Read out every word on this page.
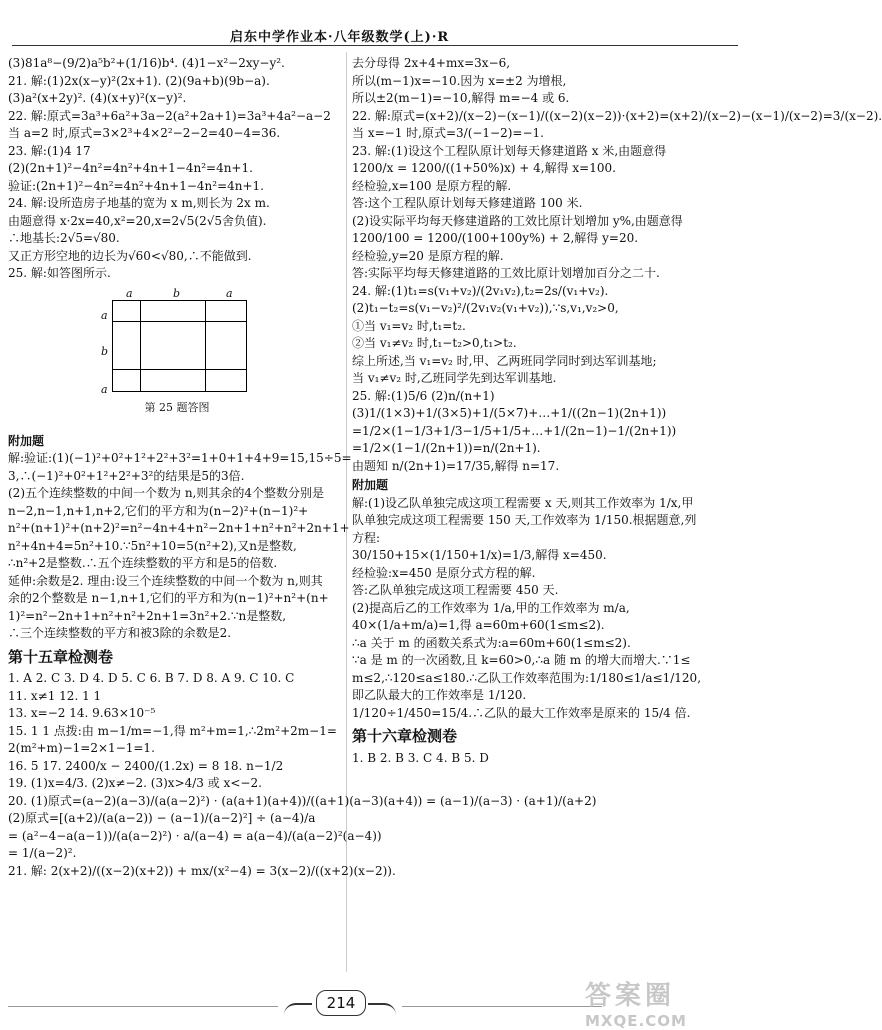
启东中学作业本·八年级数学(上)·R
(3)81a⁸−(9/2)a⁵b²+(1/16)b⁴. (4)1−x²−2xy−y².
21. 解:(1)2x(x−y)²(2x+1). (2)(9a+b)(9b−a).
(3)a²(x+2y)². (4)(x+y)²(x−y)².
22. 解:原式=3a³+6a²+3a−2(a²+2a+1)=3a³+4a²−a−2
当 a=2 时,原式=3×2³+4×2²−2−2=40−4=36.
23. 解:(1)4 17
(2)(2n+1)²−4n²=4n²+4n+1−4n²=4n+1.
验证:(2n+1)²−4n²=4n²+4n+1−4n²=4n+1.
24. 解:设所造房子地基的宽为 x m,则长为 2x m.
由题意得 x·2x=40,x²=20,x=2√5(2√5舍负值).
∴地基长:2√5=√80.
又正方形空地的边长为√60<√80,∴不能做到.
25. 解:如答图所示.
a	b	a
a
b
a
第 25 题答图
附加题
解:验证:(1)(−1)²+0²+1²+2²+3²=1+0+1+4+9=15,15÷5=
3,∴(−1)²+0²+1²+2²+3²的结果是5的3倍.
(2)五个连续整数的中间一个数为 n,则其余的4个整数分别是
n−2,n−1,n+1,n+2,它们的平方和为(n−2)²+(n−1)²+
n²+(n+1)²+(n+2)²=n²−4n+4+n²−2n+1+n²+n²+2n+1+
n²+4n+4=5n²+10.∵5n²+10=5(n²+2),又n是整数,
∴n²+2是整数.∴五个连续整数的平方和是5的倍数.
延伸:余数是2. 理由:设三个连续整数的中间一个数为 n,则其
余的2个整数是 n−1,n+1,它们的平方和为(n−1)²+n²+(n+
1)²=n²−2n+1+n²+n²+2n+1=3n²+2.∵n是整数,
∴三个连续整数的平方和被3除的余数是2.
第十五章检测卷
1. A 2. C 3. D 4. D 5. C 6. B 7. D 8. A 9. C 10. C
11. x≠1 12. 1 1
13. x=−2 14. 9.63×10⁻⁵
15. 1 1 点拨:由 m−1/m=−1,得 m²+m=1,∴2m²+2m−1=
2(m²+m)−1=2×1−1=1.
16. 5 17. 2400/x − 2400/(1.2x) = 8 18. n−1/2
19. (1)x=4/3. (2)x≠−2. (3)x>4/3 或 x<−2.
20. (1)原式=(a−2)(a−3)/(a(a−2)²) · (a(a+1)(a+4))/((a+1)(a−3)(a+4)) = (a−1)/(a−3) · (a+1)/(a+2)
(2)原式=[(a+2)/(a(a−2)) − (a−1)/(a−2)²] ÷ (a−4)/a
= (a²−4−a(a−1))/(a(a−2)²) · a/(a−4) = a(a−4)/(a(a−2)²(a−4))
= 1/(a−2)².
21. 解: 2(x+2)/((x−2)(x+2)) + mx/(x²−4) = 3(x−2)/((x+2)(x−2)).
去分母得 2x+4+mx=3x−6,
所以(m−1)x=−10.因为 x=±2 为增根,
所以±2(m−1)=−10,解得 m=−4 或 6.
22. 解:原式=(x+2)/(x−2)−(x−1)/((x−2)(x−2))·(x+2)=(x+2)/(x−2)−(x−1)/(x−2)=3/(x−2).
当 x=−1 时,原式=3/(−1−2)=−1.
23. 解:(1)设这个工程队原计划每天修建道路 x 米,由题意得
1200/x = 1200/((1+50%)x) + 4,解得 x=100.
经检验,x=100 是原方程的解.
答:这个工程队原计划每天修建道路 100 米.
(2)设实际平均每天修建道路的工效比原计划增加 y%,由题意得
1200/100 = 1200/(100+100y%) + 2,解得 y=20.
经检验,y=20 是原方程的解.
答:实际平均每天修建道路的工效比原计划增加百分之二十.
24. 解:(1)t₁=s(v₁+v₂)/(2v₁v₂),t₂=2s/(v₁+v₂).
(2)t₁−t₂=s(v₁−v₂)²/(2v₁v₂(v₁+v₂)),∵s,v₁,v₂>0,
①当 v₁=v₂ 时,t₁=t₂.
②当 v₁≠v₂ 时,t₁−t₂>0,t₁>t₂.
综上所述,当 v₁=v₂ 时,甲、乙两班同学同时到达军训基地;
当 v₁≠v₂ 时,乙班同学先到达军训基地.
25. 解:(1)5/6 (2)n/(n+1)
(3)1/(1×3)+1/(3×5)+1/(5×7)+…+1/((2n−1)(2n+1))
=1/2×(1−1/3+1/3−1/5+1/5+…+1/(2n−1)−1/(2n+1))
=1/2×(1−1/(2n+1))=n/(2n+1).
由题知 n/(2n+1)=17/35,解得 n=17.
附加题
解:(1)设乙队单独完成这项工程需要 x 天,则其工作效率为 1/x,甲
队单独完成这项工程需要 150 天,工作效率为 1/150.根据题意,列
方程:
30/150+15×(1/150+1/x)=1/3,解得 x=450.
经检验:x=450 是原分式方程的解.
答:乙队单独完成这项工程需要 450 天.
(2)提高后乙的工作效率为 1/a,甲的工作效率为 m/a,
40×(1/a+m/a)=1,得 a=60m+60(1≤m≤2).
∴a 关于 m 的函数关系式为:a=60m+60(1≤m≤2).
∵a 是 m 的一次函数,且 k=60>0,∴a 随 m 的增大而增大.∵1≤
m≤2,∴120≤a≤180.∴乙队工作效率范围为:1/180≤1/a≤1/120,
即乙队最大的工作效率是 1/120.
1/120÷1/450=15/4.∴乙队的最大工作效率是原来的 15/4 倍.
第十六章检测卷
1. B 2. B 3. C 4. B 5. D
214	答案圈
MXQE.COM
